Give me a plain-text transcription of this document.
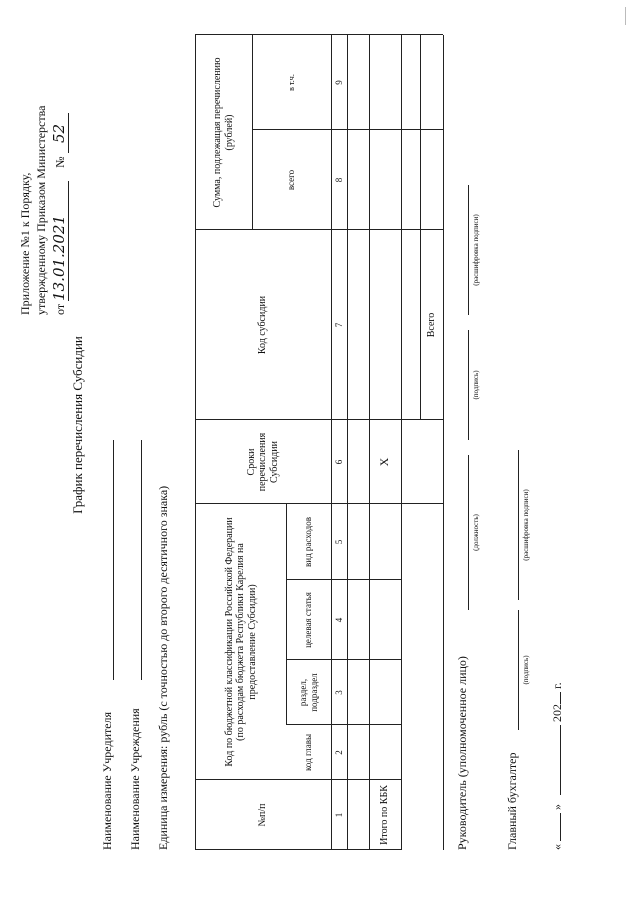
Приложение №1 к Порядку, утвержденному Приказом Министерства от 13.01.2021 № 52
График перечисления Субсидии
Наименование Учредителя Наименование Учреждения Единица измерения: рубль (с точностью до второго десятичного знака)	№п/п
Код по бюджетной классификации Российской Федерации (по расходам бюджета Республики Карелия на предоставление Субсидии)
код главы
раздел, подраздел
целевая статья
вид расходов
Сроки перечисления Субсидии
Код субсидии
Сумма, подлежащая перечислению (рублей)
всего
в т.ч.
1
2
3
4
5
6
7
8
9
Итого по КБК
Х
Всего
Руководитель (уполномоченное лицо)
(должность)
(подпись)
(расшифровка подписи)
Главный бухгалтер
(подпись)
(расшифровка подписи)
«  »  202 г.
